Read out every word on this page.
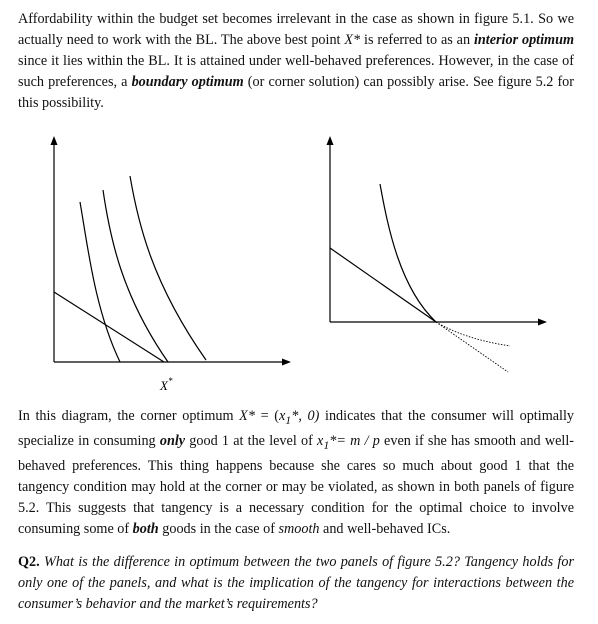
Affordability within the budget set becomes irrelevant in the case as shown in figure 5.1. So we actually need to work with the BL. The above best point X* is referred to as an interior optimum since it lies within the BL. It is attained under well-behaved preferences. However, in the case of such preferences, a boundary optimum (or corner solution) can possibly arise. See figure 5.2 for this possibility.

X*

In this diagram, the corner optimum $X* = (x_1*$, 0) indicates that the consumer will optimally specialize in consuming only good 1 at the level of $x_1*= m / p$ even if she has smooth and well-behaved preferences. This thing happens because she cares so much about good 1 that the tangency condition may hold at the corner or may be violated, as shown in both panels of figure 5.2. This suggests that tangency is a necessary condition for the optimal choice to involve consuming some of both goods in the case of smooth and well-behaved ICs.

Q2. What is the difference in optimum between the two panels of figure 5.2? Tangency holds for only one of the panels, and what is the implication of the tangency for interactions between the consumer’s behavior and the market’s requirements?
